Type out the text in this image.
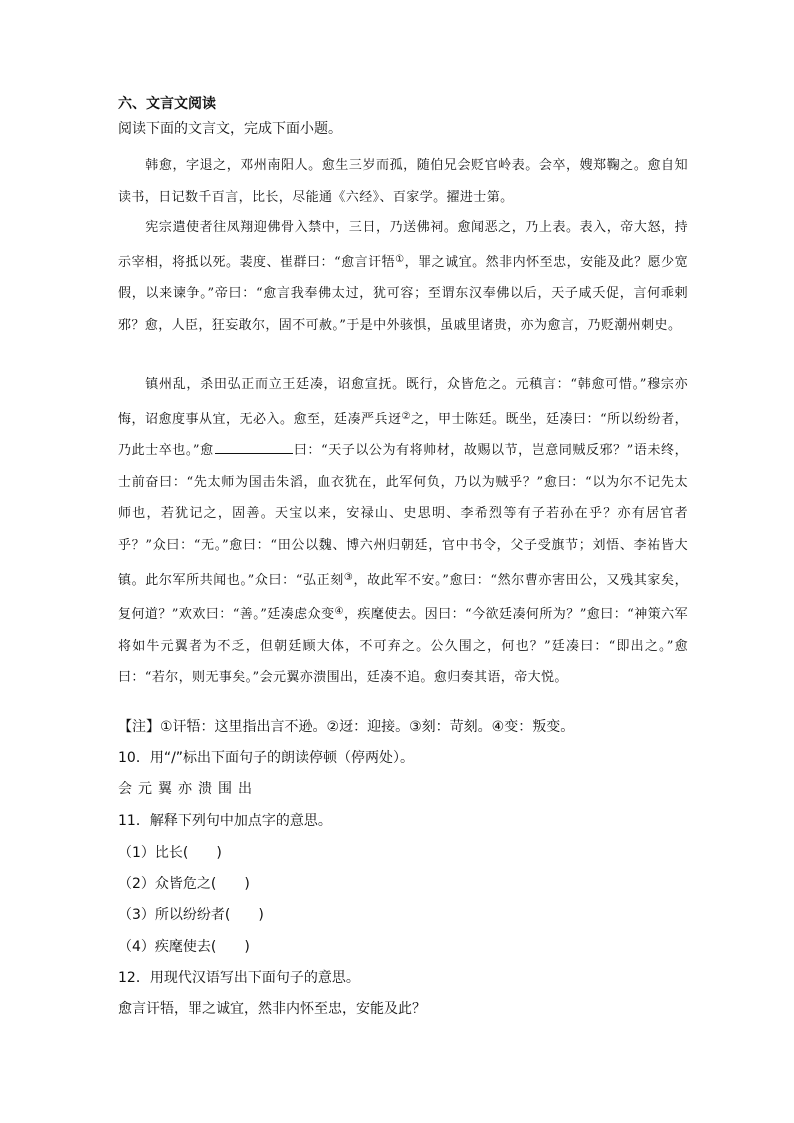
六、文言文阅读
阅读下面的文言文，完成下面小题。
韩愈，字退之，邓州南阳人。愈生三岁而孤，随伯兄会贬官岭表。会卒，嫂郑鞠之。愈自知读书，日记数千百言，比长，尽能通《六经》、百家学。擢进士第。
宪宗遣使者往凤翔迎佛骨入禁中，三日，乃送佛祠。愈闻恶之，乃上表。表入，帝大怒，持示宰相，将抵以死。裴度、崔群曰：“愈言讦牾①，罪之诚宜。然非内怀至忠，安能及此？愿少宽假，以来谏争。”帝曰：“愈言我奉佛太过，犹可容；至谓东汉奉佛以后，天子咸夭促，言何乖剌邪？愈，人臣，狂妄敢尔，固不可赦。”于是中外骇惧，虽戚里诸贵，亦为愈言，乃贬潮州刺史。
镇州乱，杀田弘正而立王廷凑，诏愈宣抚。既行，众皆危之。元稹言：“韩愈可惜。”穆宗亦悔，诏愈度事从宜，无必入。愈至，廷凑严兵迓②之，甲士陈廷。既坐，廷凑曰：“所以纷纷者，乃此士卒也。”愈	曰：“天子以公为有将帅材，故赐以节，岂意同贼反邪？”语未终，士前奋曰：“先太师为国击朱滔，血衣犹在，此军何负，乃以为贼乎？”愈曰：“以为尔不记先太师也，若犹记之，固善。天宝以来，安禄山、史思明、李希烈等有子若孙在乎？亦有居官者乎？”众曰：“无。”愈曰：“田公以魏、博六州归朝廷，官中书令，父子受旗节；刘悟、李祐皆大镇。此尔军所共闻也。”众曰：“弘正刻③，故此军不安。”愈曰：“然尔曹亦害田公，又残其家矣，复何道？”欢欢曰：“善。”廷凑虑众变④，疾麾使去。因曰：“今欲廷凑何所为？”愈曰：“神策六军将如牛元翼者为不乏，但朝廷顾大体，不可弃之。公久围之，何也？”廷凑曰：“即出之。”愈曰：“若尔，则无事矣。”会元翼亦溃围出，廷凑不追。愈归奏其语，帝大悦。
【注】①讦牾：这里指出言不逊。②迓：迎接。③刻：苛刻。④变：叛变。
10．用“/”标出下面句子的朗读停顿（停两处）。
会元翼亦溃围出
11．解释下列句中加点字的意思。
（1）比长(　　)
（2）众皆危之(　　)
（3）所以纷纷者(　　)
（4）疾麾使去(　　)
12．用现代汉语写出下面句子的意思。
愈言讦牾，罪之诚宜，然非内怀至忠，安能及此？
